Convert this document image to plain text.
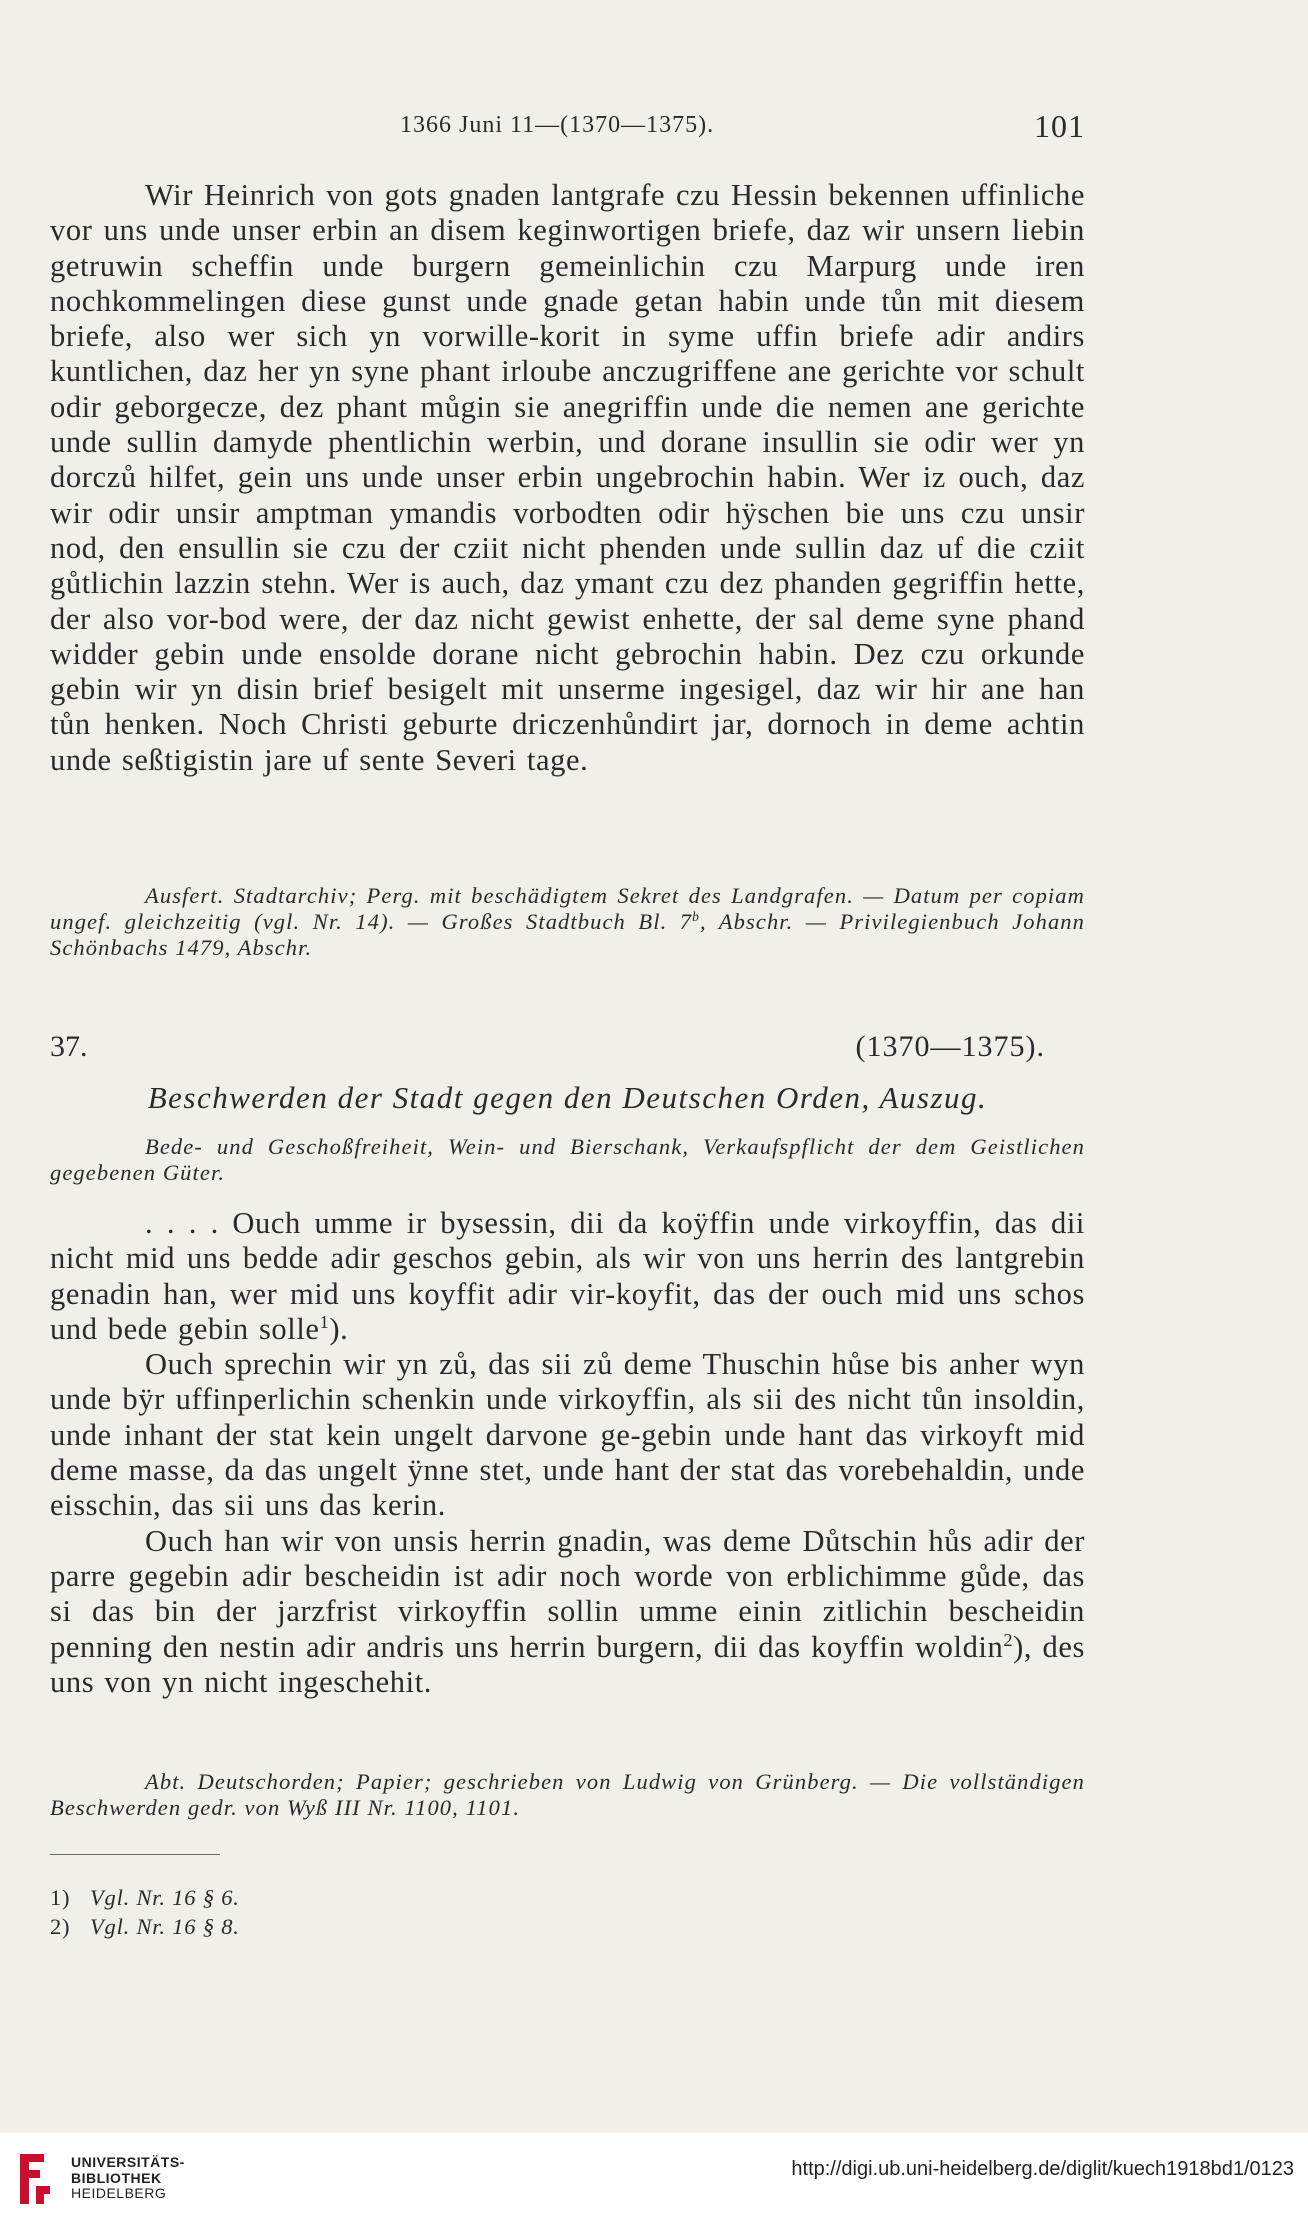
1366 Juni 11—(1370—1375).	101

Wir Heinrich von gots gnaden lantgrafe czu Hessin bekennen uffinliche vor uns unde unser erbin an disem keginwortigen briefe, daz wir unsern liebin getruwin scheffin unde burgern gemeinlichin czu Marpurg unde iren nochkommelingen diese gunst unde gnade getan habin unde tůn mit diesem briefe, also wer sich yn vorwille-korit in syme uffin briefe adir andirs kuntlichen, daz her yn syne phant irloube anczugriffene ane gerichte vor schult odir geborgecze, dez phant můgin sie anegriffin unde die nemen ane gerichte unde sullin damyde phentlichin werbin, und dorane insullin sie odir wer yn dorczů hilfet, gein uns unde unser erbin ungebrochin habin. Wer iz ouch, daz wir odir unsir amptman ymandis vorbodten odir hÿschen bie uns czu unsir nod, den ensullin sie czu der cziit nicht phenden unde sullin daz uf die cziit gůtlichin lazzin stehn. Wer is auch, daz ymant czu dez phanden gegriffin hette, der also vor-bod were, der daz nicht gewist enhette, der sal deme syne phand widder gebin unde ensolde dorane nicht gebrochin habin. Dez czu orkunde gebin wir yn disin brief besigelt mit unserme ingesigel, daz wir hir ane han tůn henken. Noch Christi geburte driczenhůndirt jar, dornoch in deme achtin unde seßtigistin jare uf sente Severi tage.

Ausfert. Stadtarchiv; Perg. mit beschädigtem Sekret des Landgrafen. — Datum per copiam ungef. gleichzeitig (vgl. Nr. 14). — Großes Stadtbuch Bl. 7$^b$, Abschr. — Privilegienbuch Johann Schönbachs 1479, Abschr.

37.	(1370—1375).
Beschwerden der Stadt gegen den Deutschen Orden, Auszug.

Bede- und Geschoßfreiheit, Wein- und Bierschank, Verkaufspflicht der dem Geistlichen gegebenen Güter.

. . . . Ouch umme ir bysessin, dii da koÿffin unde virkoyffin, das dii nicht mid uns bedde adir geschos gebin, als wir von uns herrin des lantgrebin genadin han, wer mid uns koyffit adir vir-koyfit, das der ouch mid uns schos und bede gebin solle$^1$).

Ouch sprechin wir yn zů, das sii zů deme Thuschin hůse bis anher wyn unde bÿr uffinperlichin schenkin unde virkoyffin, als sii des nicht tůn insoldin, unde inhant der stat kein ungelt darvone ge-gebin unde hant das virkoyft mid deme masse, da das ungelt ÿnne stet, unde hant der stat das vorebehaldin, unde eisschin, das sii uns das kerin.

Ouch han wir von unsis herrin gnadin, was deme Důtschin hůs adir der parre gegebin adir bescheidin ist adir noch worde von erblichimme gůde, das si das bin der jarzfrist virkoyffin sollin umme einin zitlichin bescheidin penning den nestin adir andris uns herrin burgern, dii das koyffin woldin$^2$), des uns von yn nicht ingeschehit.

Abt. Deutschorden; Papier; geschrieben von Ludwig von Grünberg. — Die vollständigen Beschwerden gedr. von Wyß III Nr. 1100, 1101.

1) Vgl. Nr. 16 § 6.
2) Vgl. Nr. 16 § 8.
UNIVERSITÄTS-
BIBLIOTHEK
HEIDELBERG
http://digi.ub.uni-heidelberg.de/diglit/kuech1918bd1/0123
